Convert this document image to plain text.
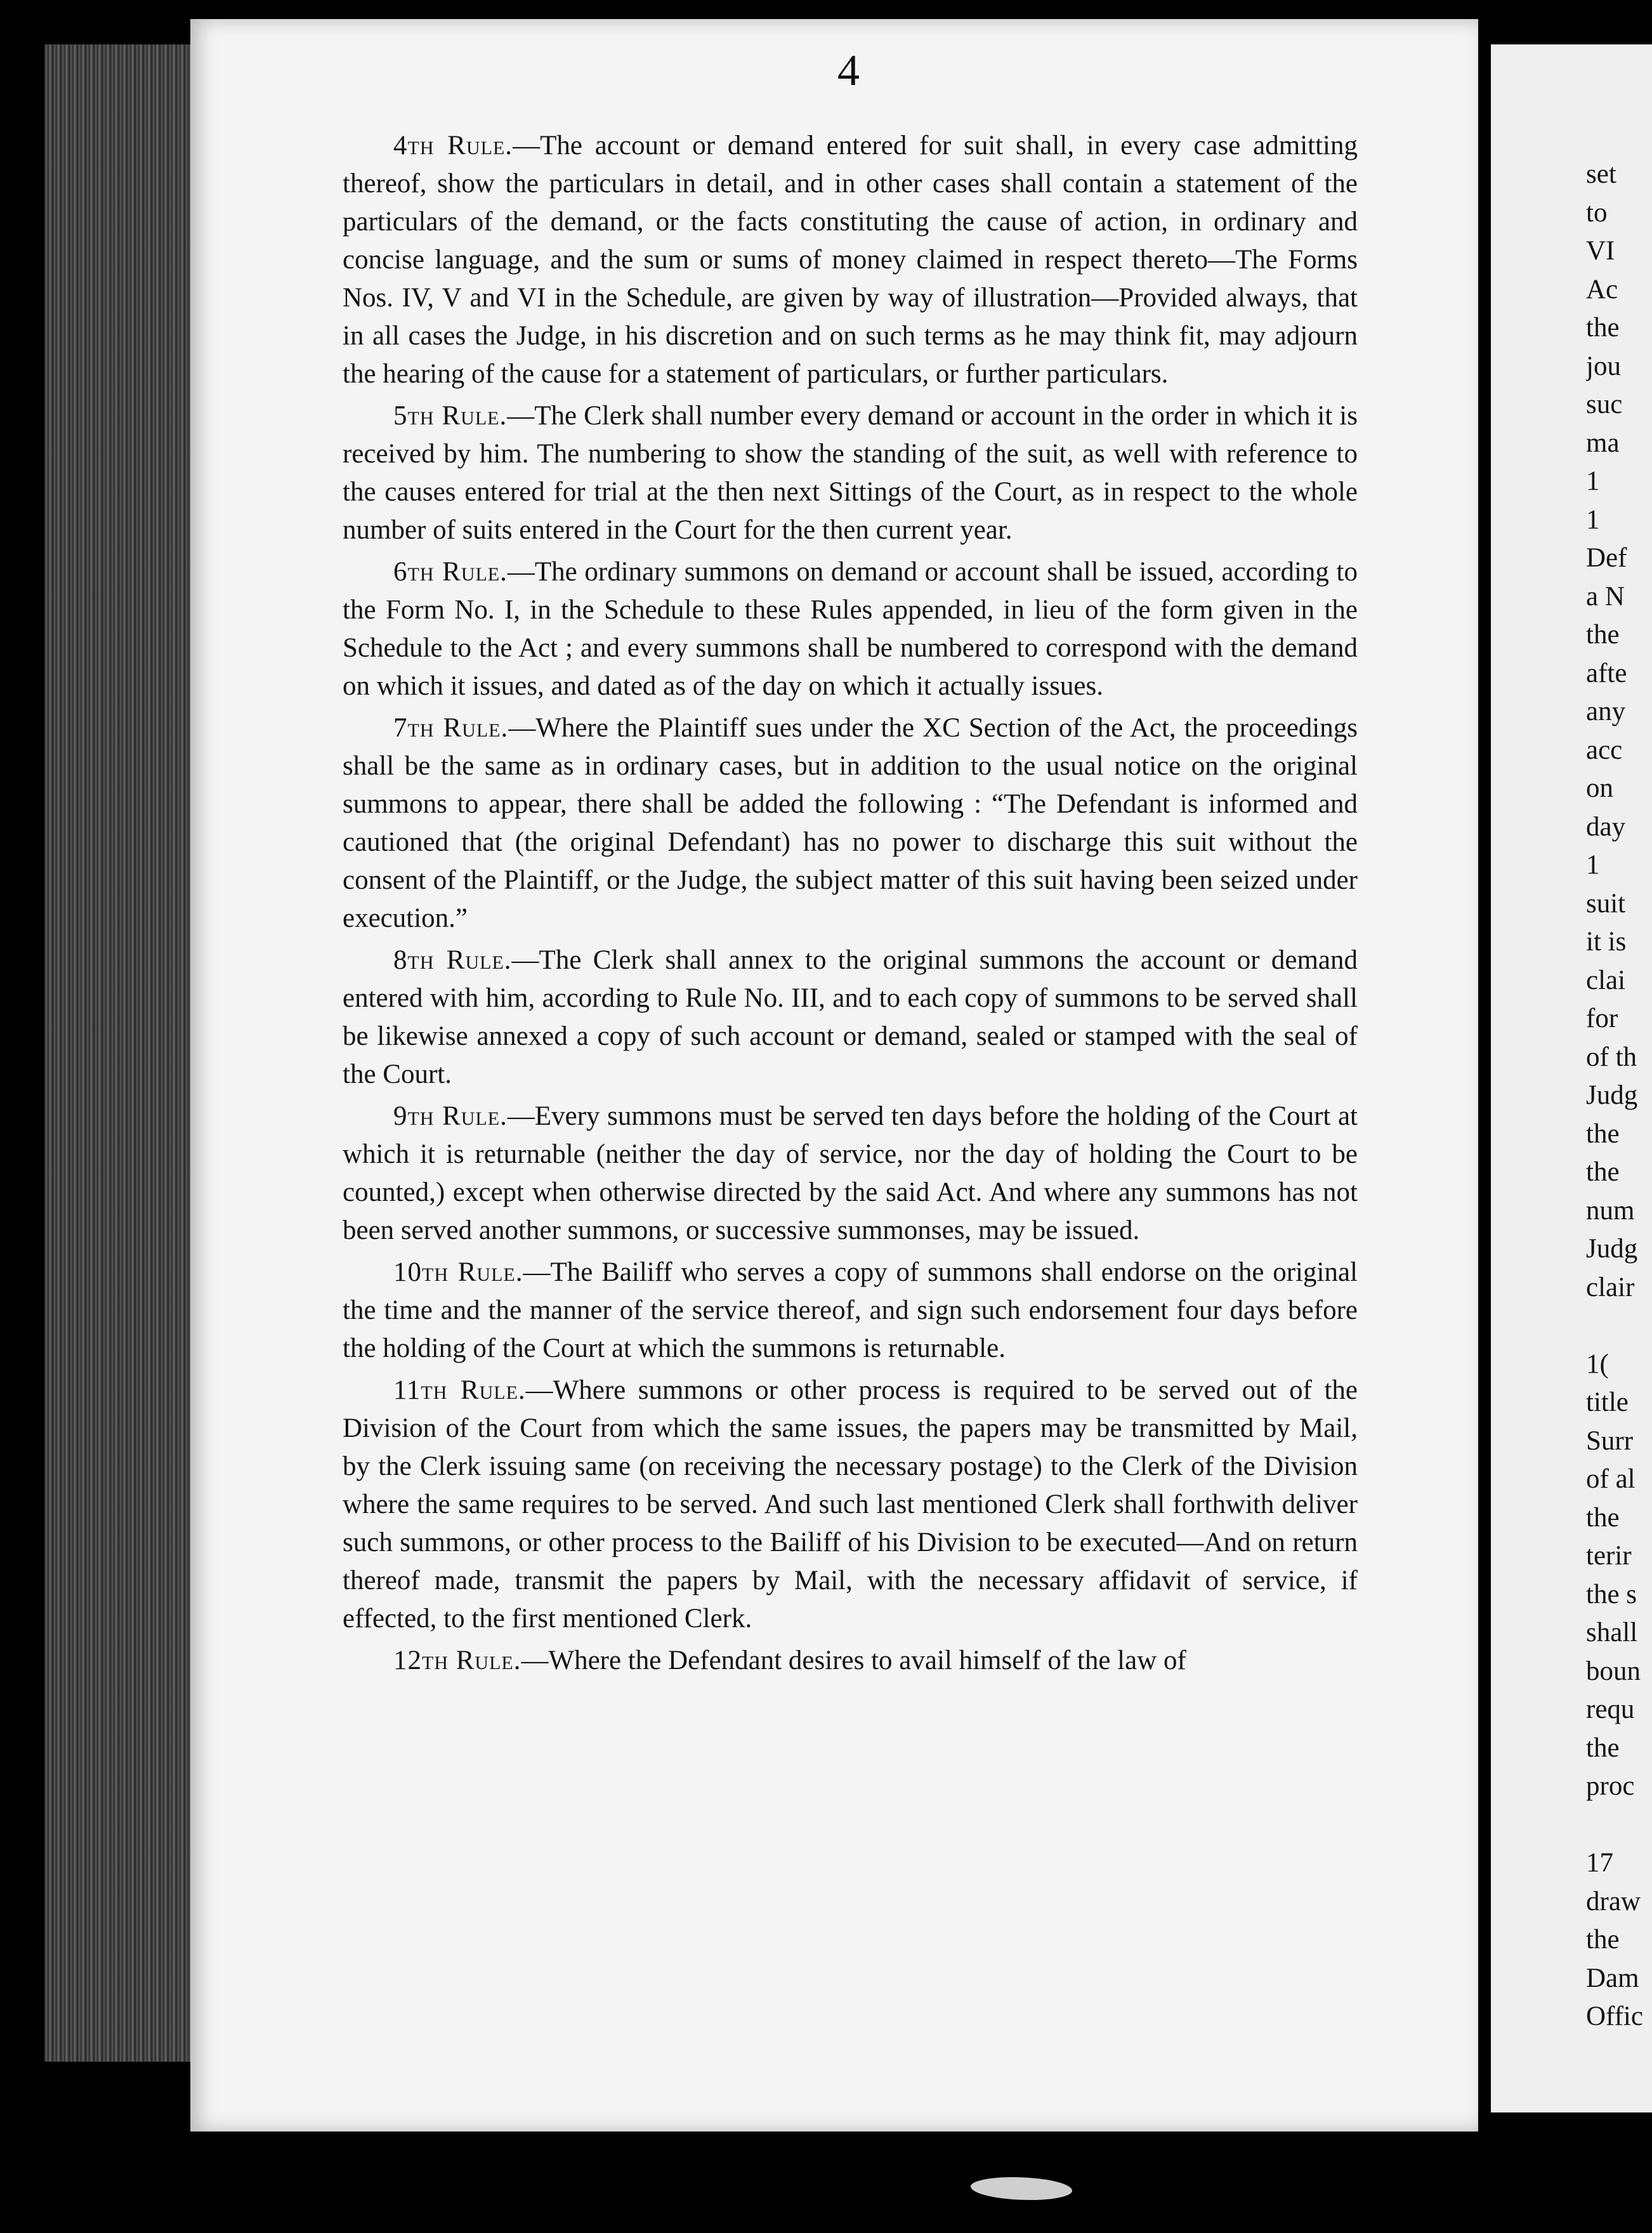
4

4th Rule.—The account or demand entered for suit shall, in every case admitting thereof, show the particulars in detail, and in other cases shall contain a statement of the particulars of the demand, or the facts constituting the cause of action, in ordinary and concise language, and the sum or sums of money claimed in respect thereto—The Forms Nos. IV, V and VI in the Schedule, are given by way of illustration—Provided always, that in all cases the Judge, in his discretion and on such terms as he may think fit, may adjourn the hearing of the cause for a statement of particulars, or further particulars.

5th Rule.—The Clerk shall number every demand or account in the order in which it is received by him. The numbering to show the standing of the suit, as well with reference to the causes entered for trial at the then next Sittings of the Court, as in respect to the whole number of suits entered in the Court for the then current year.

6th Rule.—The ordinary summons on demand or account shall be issued, according to the Form No. I, in the Schedule to these Rules appended, in lieu of the form given in the Schedule to the Act ; and every summons shall be numbered to correspond with the demand on which it issues, and dated as of the day on which it actually issues.

7th Rule.—Where the Plaintiff sues under the XC Section of the Act, the proceedings shall be the same as in ordinary cases, but in addition to the usual notice on the original summons to appear, there shall be added the following : “The Defendant is informed and cautioned that (the original Defendant) has no power to discharge this suit without the consent of the Plaintiff, or the Judge, the subject matter of this suit having been seized under execution.”

8th Rule.—The Clerk shall annex to the original summons the account or demand entered with him, according to Rule No. III, and to each copy of summons to be served shall be likewise annexed a copy of such account or demand, sealed or stamped with the seal of the Court.

9th Rule.—Every summons must be served ten days before the holding of the Court at which it is returnable (neither the day of service, nor the day of holding the Court to be counted,) except when otherwise directed by the said Act. And where any summons has not been served another summons, or successive summonses, may be issued.

10th Rule.—The Bailiff who serves a copy of summons shall endorse on the original the time and the manner of the service thereof, and sign such endorsement four days before the holding of the Court at which the summons is returnable.

11th Rule.—Where summons or other process is required to be served out of the Division of the Court from which the same issues, the papers may be transmitted by Mail, by the Clerk issuing same (on receiving the necessary postage) to the Clerk of the Division where the same requires to be served. And such last mentioned Clerk shall forthwith deliver such summons, or other process to the Bailiff of his Division to be executed—And on return thereof made, transmit the papers by Mail, with the necessary affidavit of service, if effected, to the first mentioned Clerk.

12th Rule.—Where the Defendant desires to avail himself of the law of

set
to
VI
Ac
the
jou
suc
ma
1
1
Def
a N
the
afte
any
acc
on
day
1
suit
it is
clai
for
of th
Judg
the
the
num
Judg
clair
1(
title
Surr
of al
the
terir
the s
shall
boun
requ
the
proc
17
draw
the
Dam
Offic
